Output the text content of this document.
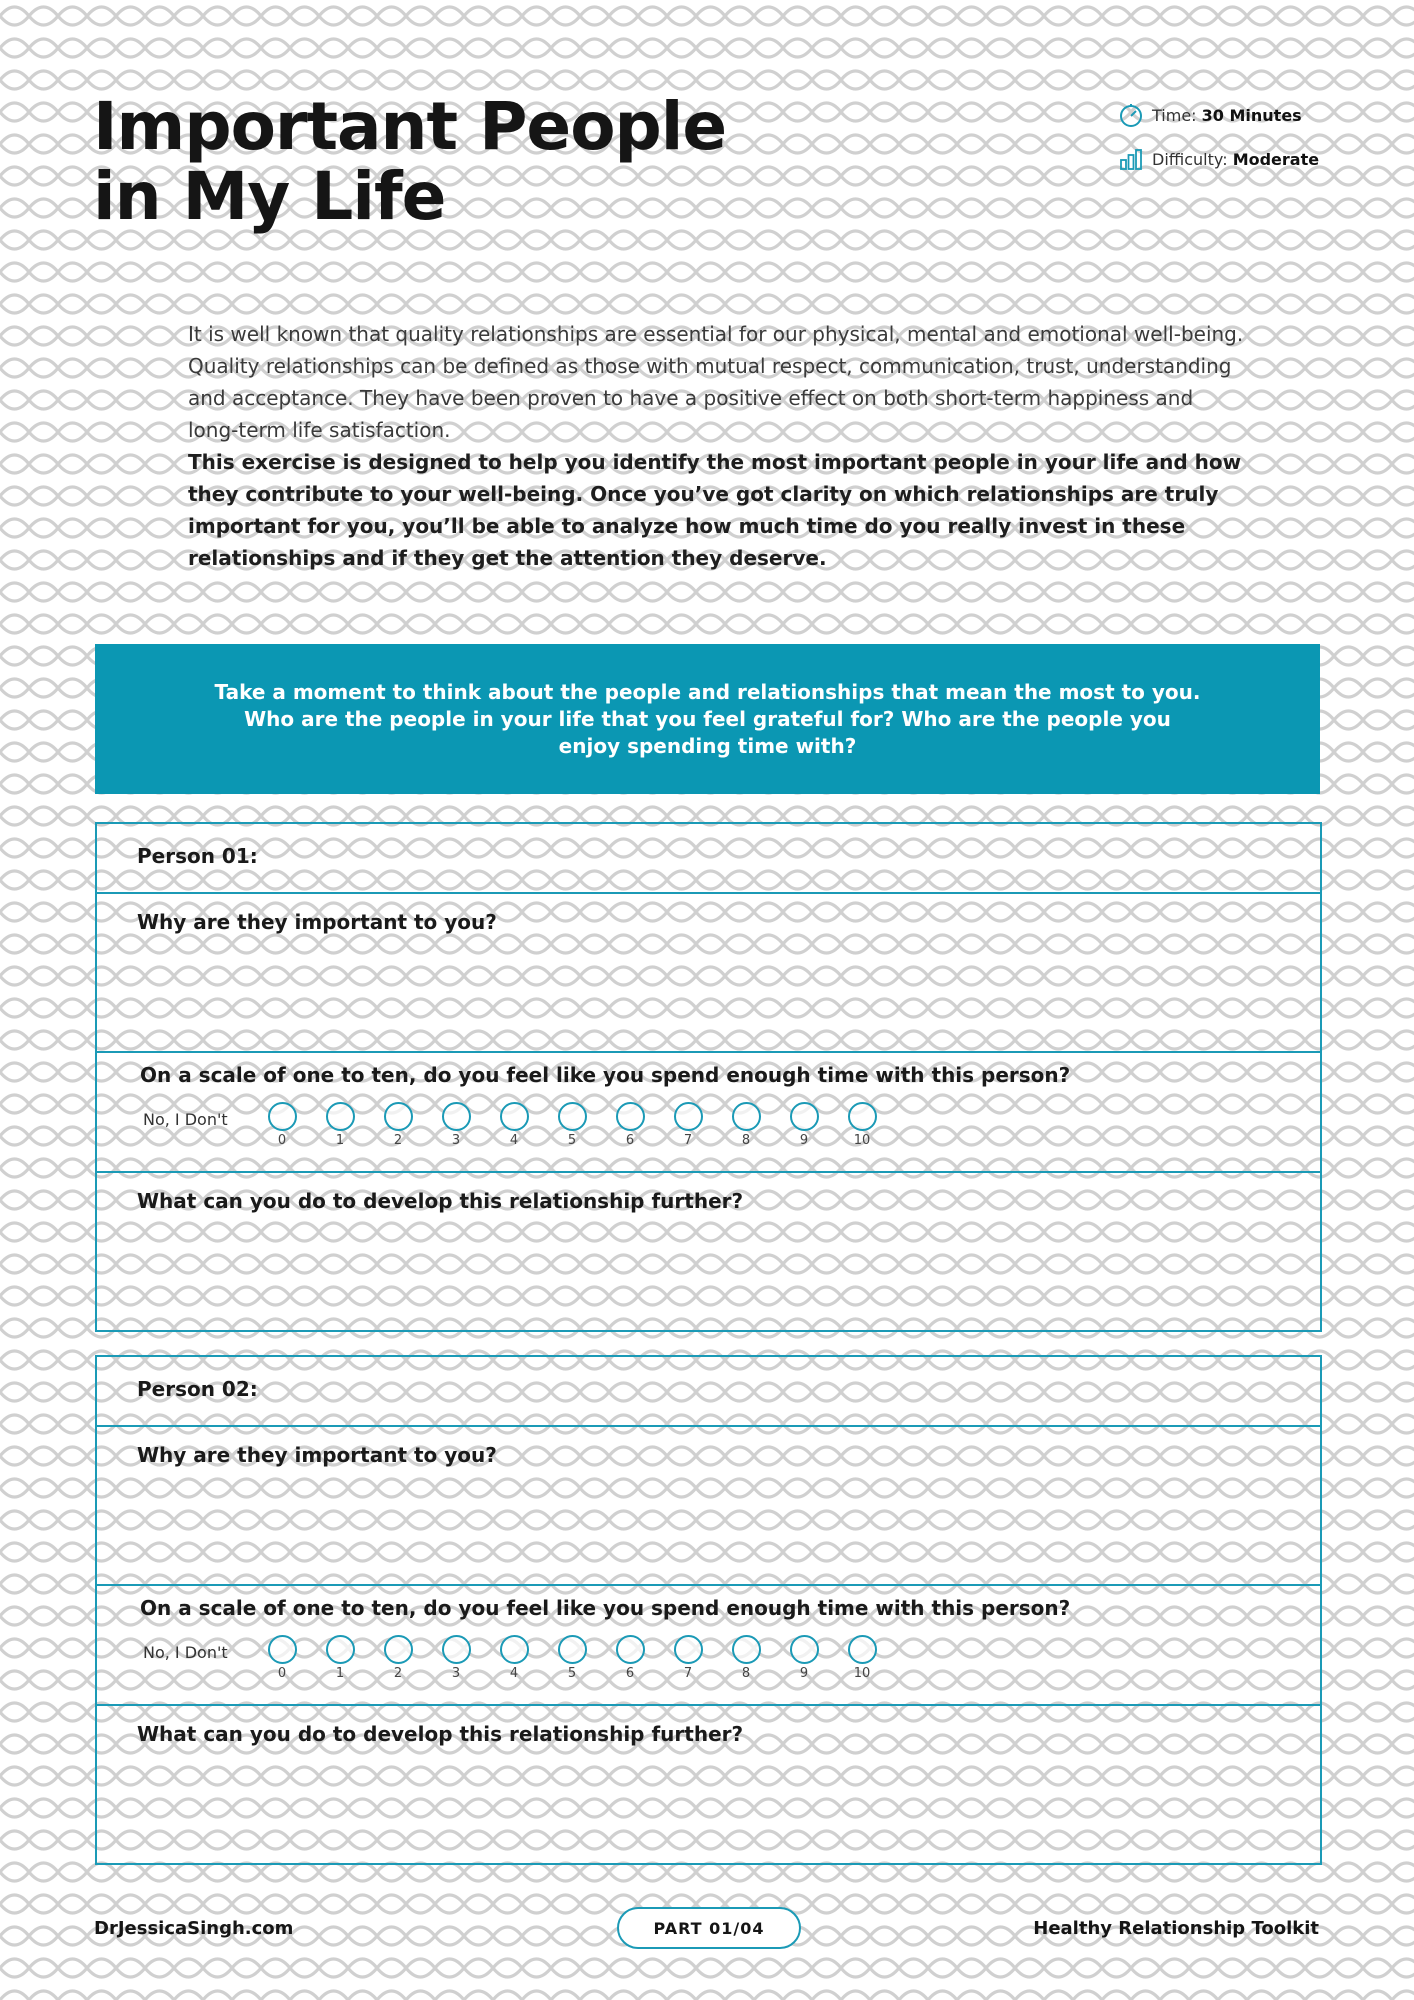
Important People
in My Life
Time:
30 Minutes
Difficulty:
Moderate

It is well known that quality relationships are essential for our physical, mental and emotional well-being. Quality relationships can be defined as those with mutual respect, communication, trust, understanding and acceptance. They have been proven to have a positive effect on both short-term happiness and long-term life satisfaction.

This exercise is designed to help you identify the most important people in your life and how they contribute to your well-being. Once you’ve got clarity on which relationships are truly important for you, you’ll be able to analyze how much time do you really invest in these relationships and if they get the attention they deserve.

Take a moment to think about the people and relationships that mean the most to you. Who are the people in your life that you feel grateful for? Who are the people you enjoy spending time with?

Person 01:
Why are they important to you?
On a scale of one to ten, do you feel like you spend enough time with this person?
No, I Don't
0	1	2	3	4	5	6	7	8	9	10
What can you do to develop this relationship further?
Person 02:
Why are they important to you?
On a scale of one to ten, do you feel like you spend enough time with this person?
No, I Don't
0	1	2	3	4	5	6	7	8	9	10
What can you do to develop this relationship further?
DrJessicaSingh.com	PART 01/04	Healthy Relationship Toolkit
